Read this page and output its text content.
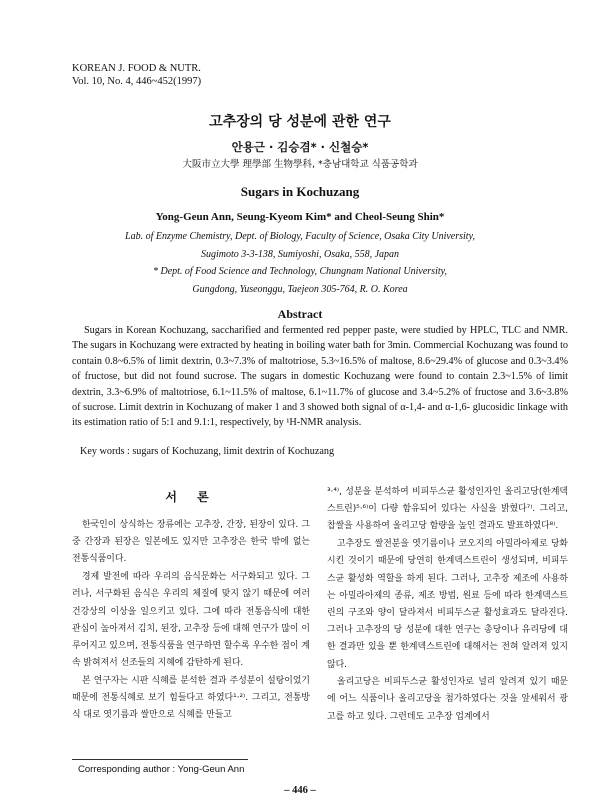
KOREAN J. FOOD & NUTR.
Vol. 10, No. 4, 446~452(1997)
고추장의 당 성분에 관한 연구
안용근 · 김승겸* · 신철승*
大阪市立大學 理學部 生物學科, *충남대학교 식품공학과
Sugars in Kochuzang
Yong-Geun Ann, Seung-Kyeom Kim* and Cheol-Seung Shin*
Lab. of Enzyme Chemistry, Dept. of Biology, Faculty of Science, Osaka City University,
Sugimoto 3-3-138, Sumiyoshi, Osaka, 558, Japan
* Dept. of Food Science and Technology, Chungnam National University,
Gungdong, Yuseonggu, Taejeon 305-764, R. O. Korea
Abstract

Sugars in Korean Kochuzang, saccharified and fermented red pepper paste, were studied by HPLC, TLC and NMR. The sugars in Kochuzang were extracted by heating in boiling water bath for 3min. Commercial Kochuzang was found to contain 0.8~6.5% of limit dextrin, 0.3~7.3% of maltotriose, 5.3~16.5% of maltose, 8.6~29.4% of glucose and 0.3~3.4% of fructose, but did not found sucrose. The sugars in domestic Kochuzang were found to contain 2.3~1.5% of limit dextrin, 3.3~6.9% of maltotriose, 6.1~11.5% of maltose, 6.1~11.7% of glucose and 3.4~5.2% of fructose and 3.6~3.8% of sucrose. Limit dextrin in Kochuzang of maker 1 and 3 showed both signal of α-1,4- and α-1,6- glucosidic linkage with its estimation ratio of 5:1 and 9.1:1, respectively, by ¹H-NMR analysis.

Key words : sugars of Kochuzang, limit dextrin of Kochuzang
서 론

한국인이 상식하는 장류에는 고추장, 간장, 된장이 있다. 그 중 간장과 된장은 일본에도 있지만 고추장은 한국 밖에 없는 전통식품이다.

경제 발전에 따라 우리의 음식문화는 서구화되고 있다. 그러나, 서구화된 음식은 우리의 체질에 맞지 않기 때문에 여러 건강상의 이상을 일으키고 있다. 그에 따라 전통음식에 대한 관심이 높아져서 김치, 된장, 고추장 등에 대해 연구가 많이 이루어지고 있으며, 전통식품을 연구하면 할수록 우수한 점이 계속 밝혀져서 선조들의 지혜에 감탄하게 된다.

본 연구자는 시판 식혜를 분석한 결과 주성분이 설탕이었기 때문에 전통식혜로 보기 힘들다고 하였다¹·²⁾. 그리고, 전통방식 대로 엿기름과 쌀만으로 식혜를 만들고

³·⁴⁾, 성분을 분석하여 비피두스균 활성인자인 올리고당(한계덱스트린)⁵·⁶⁾이 다량 함유되어 있다는 사실을 밝혔다⁷⁾. 그리고, 찹쌀을 사용하여 올리고당 함량을 높인 결과도 발표하였다⁸⁾.

고추장도 쌀전분을 엿기름이나 코오지의 아밀라아제로 당화시킨 것이기 때문에 당연히 한계덱스트린이 생성되며, 비피두스균 활성화 역할을 하게 된다. 그러나, 고추장 제조에 사용하는 아밀라아제의 종류, 제조 방법, 원료 등에 따라 한계덱스트린의 구조와 양이 달라져서 비피두스균 활성효과도 달라진다. 그러나 고추장의 당 성분에 대한 연구는 총당이나 유리당에 대한 결과만 있을 뿐 한계덱스트린에 대해서는 전혀 알려져 있지 않다.

올리고당은 비피두스균 활성인자로 널리 알려져 있기 때문에 어느 식품이나 올리고당을 첨가하였다는 것을 앞세워서 광고를 하고 있다. 그런데도 고추장 업계에서

Corresponding author : Yong-Geun Ann
– 446 –
